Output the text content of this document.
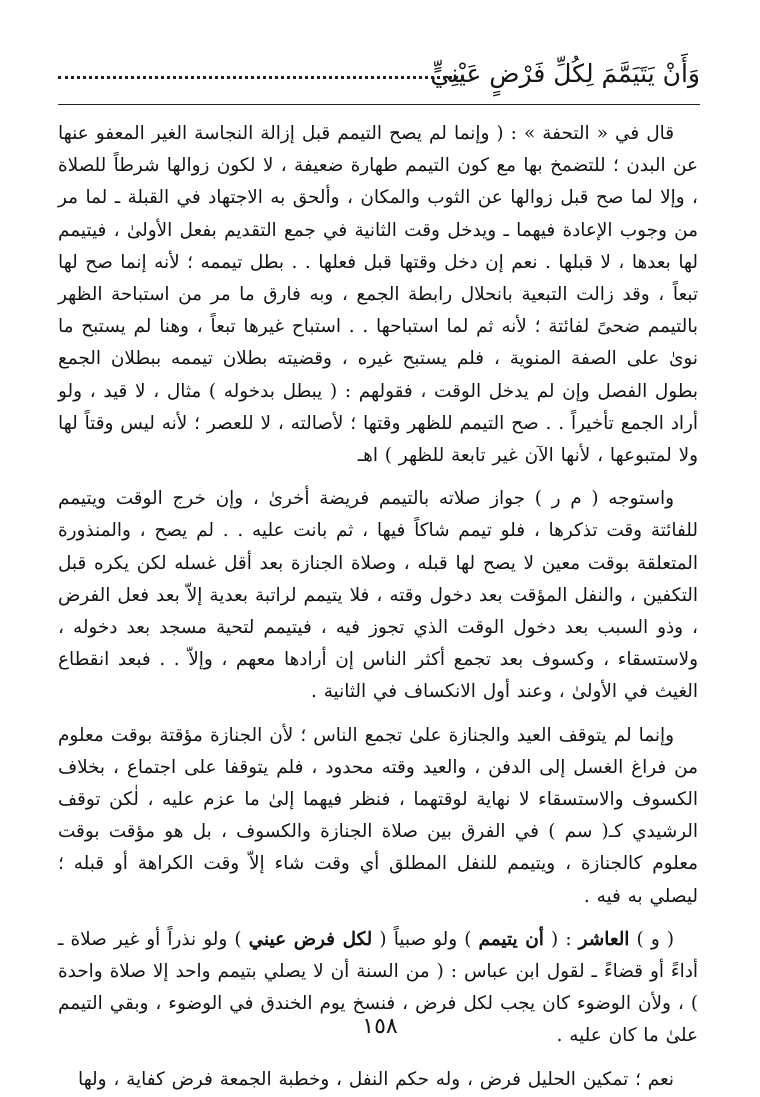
وَأَنْ يَتَيَمَّمَ لِكُلِّ فَرْضٍ عَيْنِيٍّ

قال في « التحفة » : ( وإنما لم يصح التيمم قبل إزالة النجاسة الغير المعفو عنها عن البدن ؛ للتضمخ بها مع كون التيمم طهارة ضعيفة ، لا لكون زوالها شرطاً للصلاة ، وإلا لما صح قبل زوالها عن الثوب والمكان ، وألحق به الاجتهاد في القبلة ـ لما مر من وجوب الإعادة فيهما ـ ويدخل وقت الثانية في جمع التقديم بفعل الأولىٰ ، فيتيمم لها بعدها ، لا قبلها . نعم إن دخل وقتها قبل فعلها . . بطل تيممه ؛ لأنه إنما صح لها تبعاً ، وقد زالت التبعية بانحلال رابطة الجمع ، وبه فارق ما مر من استباحة الظهر بالتيمم ضحىً لفائتة ؛ لأنه ثم لما استباحها . . استباح غيرها تبعاً ، وهنا لم يستبح ما نوىٰ على الصفة المنوية ، فلم يستبح غيره ، وقضيته بطلان تيممه ببطلان الجمع بطول الفصل وإن لم يدخل الوقت ، فقولهم : ( يبطل بدخوله ) مثال ، لا قيد ، ولو أراد الجمع تأخيراً . . صح التيمم للظهر وقتها ؛ لأصالته ، لا للعصر ؛ لأنه ليس وقتاً لها ولا لمتبوعها ، لأنها الآن غير تابعة للظهر ) اهـ

واستوجه ( م ر ) جواز صلاته بالتيمم فريضة أخرىٰ ، وإن خرج الوقت ويتيمم للفائتة وقت تذكرها ، فلو تيمم شاكاً فيها ، ثم بانت عليه . . لم يصح ، والمنذورة المتعلقة بوقت معين لا يصح لها قبله ، وصلاة الجنازة بعد أقل غسله لكن يكره قبل التكفين ، والنفل المؤقت بعد دخول وقته ، فلا يتيمم لراتبة بعدية إلاّ بعد فعل الفرض ، وذو السبب بعد دخول الوقت الذي تجوز فيه ، فيتيمم لتحية مسجد بعد دخوله ، ولاستسقاء ، وكسوف بعد تجمع أكثر الناس إن أرادها معهم ، وإلاّ . . فبعد انقطاع الغيث في الأولىٰ ، وعند أول الانكساف في الثانية .

وإنما لم يتوقف العيد والجنازة علىٰ تجمع الناس ؛ لأن الجنازة مؤقتة بوقت معلوم من فراغ الغسل إلى الدفن ، والعيد وقته محدود ، فلم يتوقفا على اجتماع ، بخلاف الكسوف والاستسقاء لا نهاية لوقتهما ، فنظر فيهما إلىٰ ما عزم عليه ، لٰكن توقف الرشيدي كـ( سم ) في الفرق بين صلاة الجنازة والكسوف ، بل هو مؤقت بوقت معلوم كالجنازة ، ويتيمم للنفل المطلق أي وقت شاء إلاّ وقت الكراهة أو قبله ؛ ليصلي به فيه .

( و ) العاشر : ( أن يتيمم ) ولو صبياً ( لكل فرض عيني ) ولو نذراً أو غير صلاة ـ أداءً أو قضاءً ـ لقول ابن عباس : ( من السنة أن لا يصلي بتيمم واحد إلا صلاة واحدة ) ، ولأن الوضوء كان يجب لكل فرض ، فنسخ يوم الخندق في الوضوء ، وبقي التيمم علىٰ ما كان عليه .

نعم ؛ تمكين الحليل فرض ، وله حكم النفل ، وخطبة الجمعة فرض كفاية ، ولها

١٥٨
